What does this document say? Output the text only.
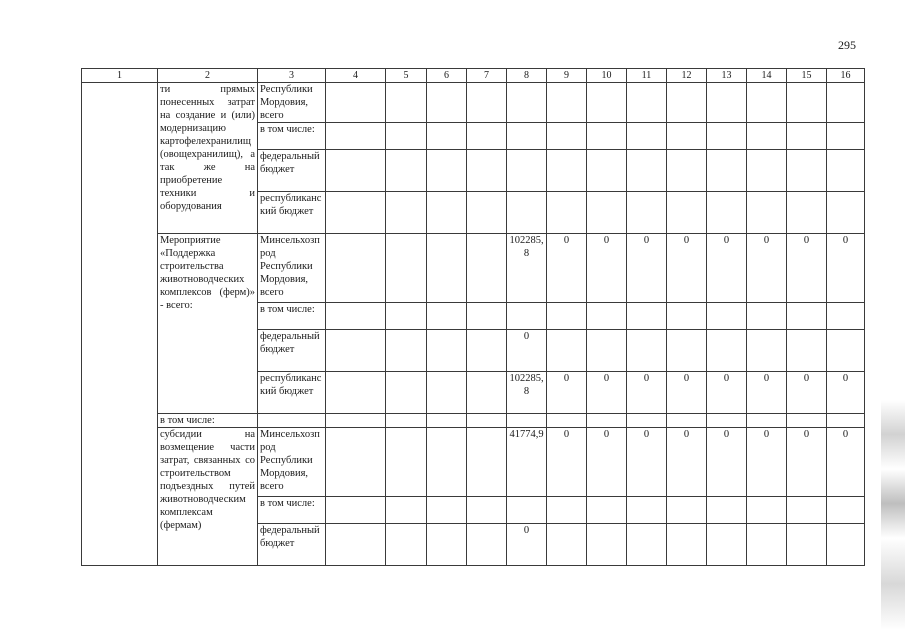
295
1	2	3	4	5	6	7	8	9	10	11	12	13	14	15	16
	ти прямых понесенных затрат на создание и (или) модернизацию картофелехранилищ (овощехранилищ), а так же на приобретение техники и оборудования	Республики Мордовия, всего													
		в том числе:													
		федеральный бюджет													
		республиканский бюджет													
	Мероприятие «Поддержка строительства животноводческих комплексов (ферм)» - всего:	Минсельхозпрод Республики Мордовия, всего					102285,8	0	0	0	0	0	0	0	0
		в том числе:													
		федеральный бюджет					0								
		республиканский бюджет					102285,8	0	0	0	0	0	0	0	0
	в том числе:														
	субсидии на возмещение части затрат, связанных со строительством подъездных путей животноводческим комплексам (фермам)	Минсельхозпрод Республики Мордовия, всего					41774,9	0	0	0	0	0	0	0	0
		в том числе:													
		федеральный бюджет					0								
